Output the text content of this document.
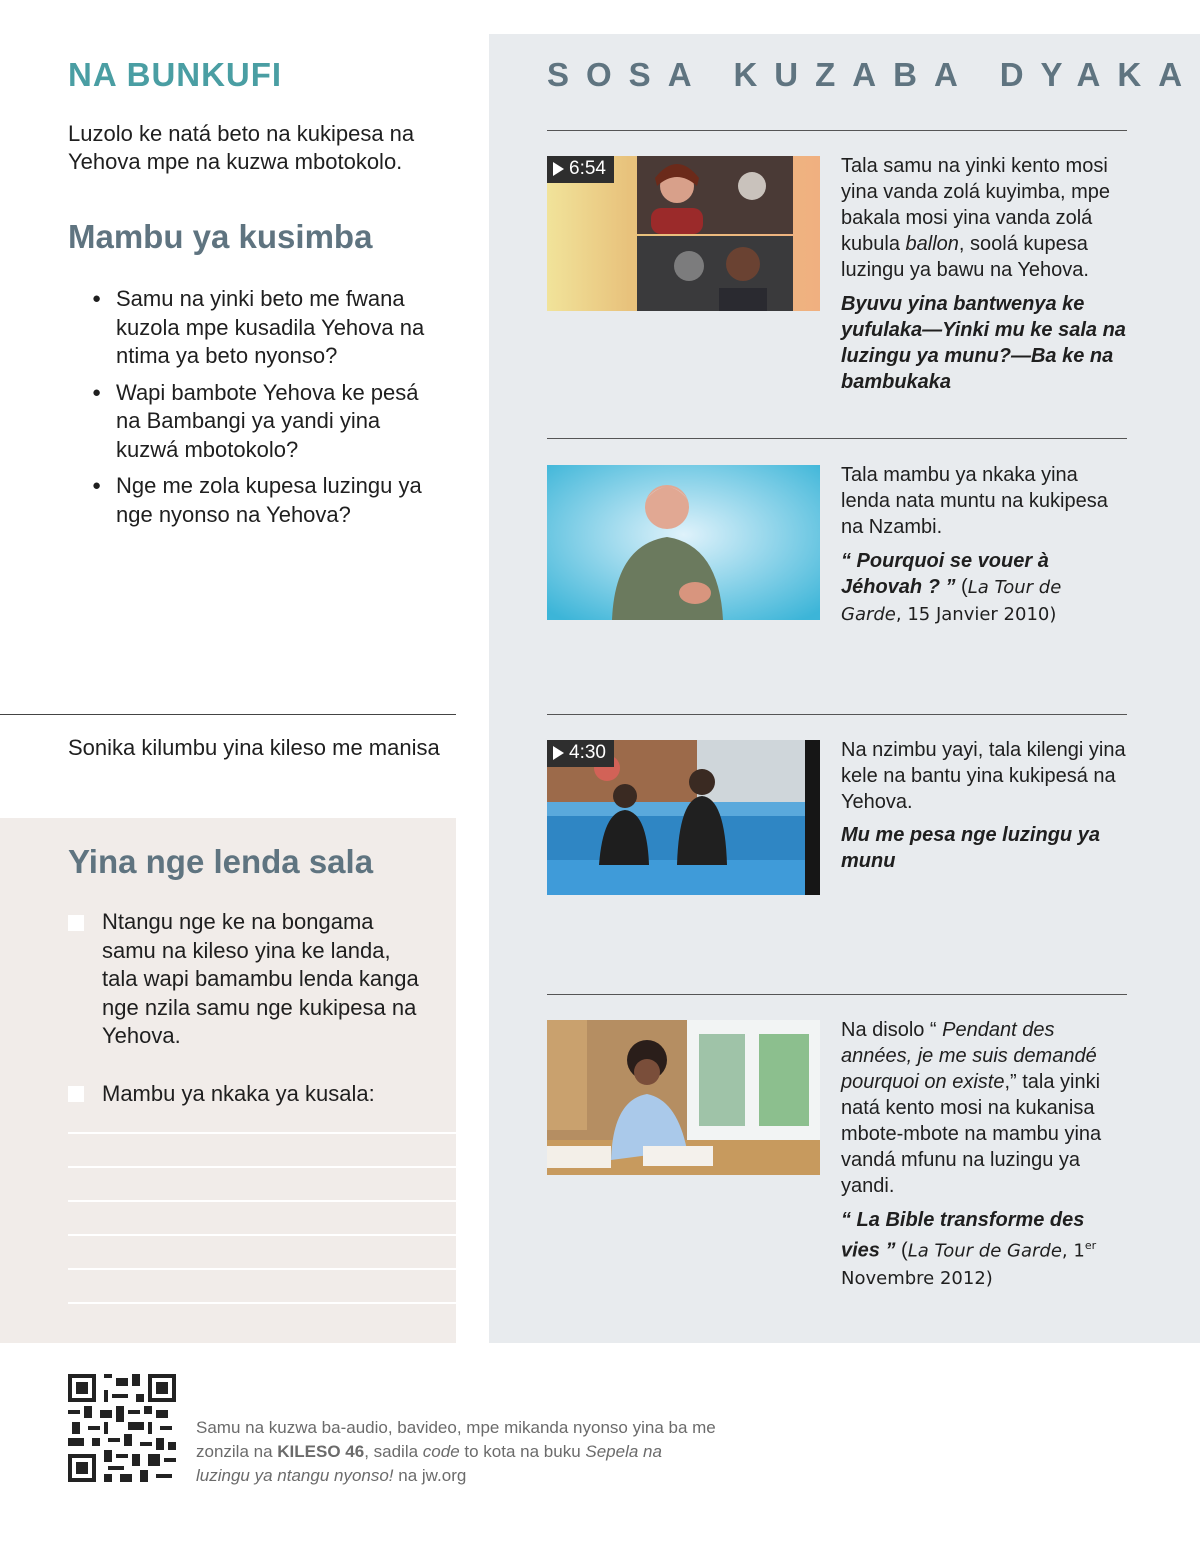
NA BUNKUFI
Luzolo ke natá beto na kukipesa na Yehova mpe na kuzwa mbotokolo.
Mambu ya kusimba
● Samu na yinki beto me fwana kuzola mpe kusadila Yehova na ntima ya beto nyonso?
● Wapi bambote Yehova ke pesá na Bambangi ya yandi yina kuzwá mbotokolo?
● Nge me zola kupesa luzingu ya nge nyonso na Yehova?
Sonika kilumbu yina kileso me manisa
Yina nge lenda sala
Ntangu nge ke na bongama samu na kileso yina ke landa, tala wapi bamambu lenda kanga nge nzila samu nge kukipesa na Yehova.
Mambu ya nkaka ya kusala:
SOSA KUZABA DYAKA
6:54	Tala samu na yinki kento mosi yina vanda zolá kuyimba, mpe bakala mosi yina vanda zolá kubula ballon, soolá kupesa luzingu ya bawu na Yehova.
Byuvu yina bantwenya ke yufulaka—Yinki mu ke sala na luzingu ya munu?—Ba ke na bambukaka
Tala mambu ya nkaka yina lenda nata muntu na kukipesa na Nzambi.
“ Pourquoi se vouer à Jéhovah ? ” (La Tour de Garde, 15 Janvier 2010)
4:30	Na nzimbu yayi, tala kilengi yina kele na bantu yina kukipesá na Yehova.
Mu me pesa nge luzingu ya munu
Na disolo “ Pendant des années, je me suis demandé pourquoi on existe,” tala yinki natá kento mosi na kukanisa mbote-mbote na mambu yina vandá mfunu na luzingu ya yandi.
“ La Bible transforme des vies ” (La Tour de Garde, 1er Novembre 2012)
Samu na kuzwa ba-audio, bavideo, mpe mikanda nyonso yina ba me zonzila na KILESO 46, sadila code to kota na buku Sepela na luzingu ya ntangu nyonso! na jw.org
